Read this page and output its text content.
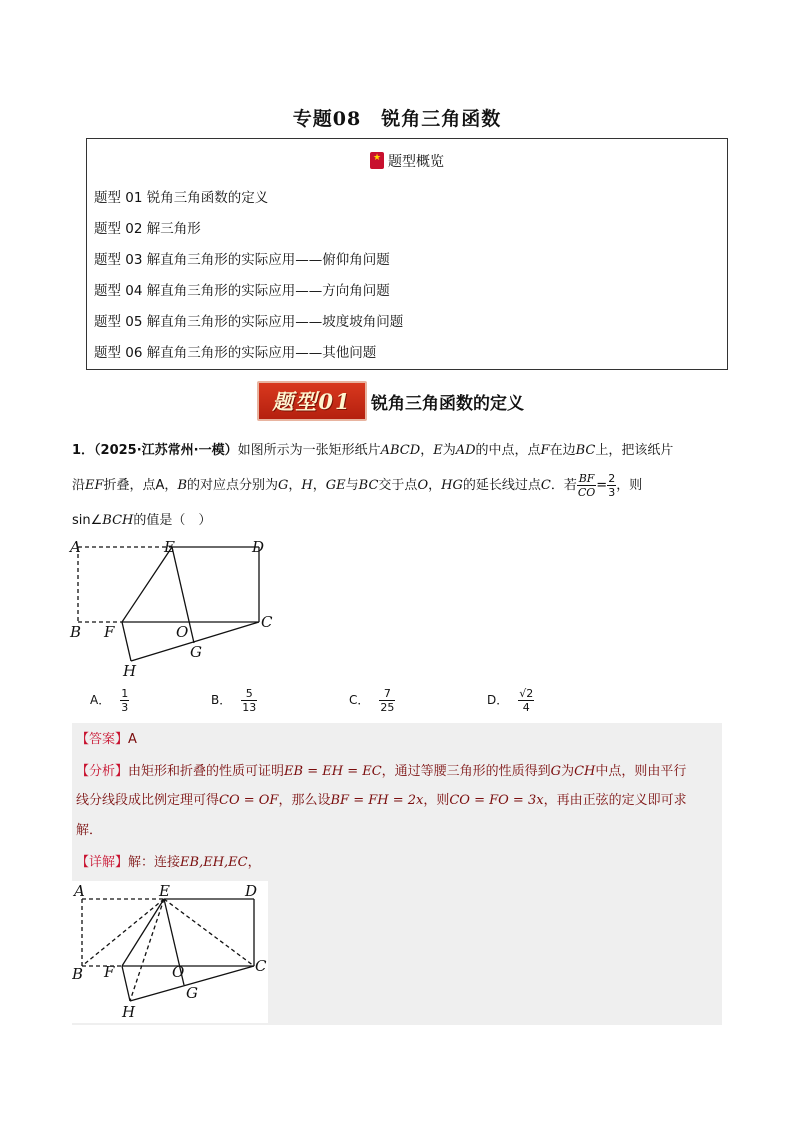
专题08　锐角三角函数
★题型概览
题型 01 锐角三角函数的定义
题型 02 解三角形
题型 03 解直角三角形的实际应用——俯仰角问题
题型 04 解直角三角形的实际应用——方向角问题
题型 05 解直角三角形的实际应用——坡度坡角问题
题型 06 解直角三角形的实际应用——其他问题
题型01	锐角三角函数的定义
1．（2025·江苏常州·一模）如图所示为一张矩形纸片ABCD，E为AD的中点，点F在边BC上，把该纸片
沿EF折叠，点A，B的对应点分别为G，H，GE与BC交于点O，HG的延长线过点C．若 $\frac{BF}{CO} = \frac{2}{3}$ ，则
sin∠BCH的值是（　）
A	E	D
B F	O
C
G
H
A． $\frac{1}{3}$	B． $\frac{5}{13}$	C． $\frac{7}{25}$	D． $\frac{√2}{4}$
【答案】A
【分析】由矩形和折叠的性质可证明EB = EH = EC，通过等腰三角形的性质得到G为CH中点，则由平行
线分线段成比例定理可得CO = OF，那么设BF = FH = 2x，则CO = FO = 3x，再由正弦的定义即可求
解．
【详解】解：连接EB,EH,EC，
A	E	D
B F	O	C
G
H
